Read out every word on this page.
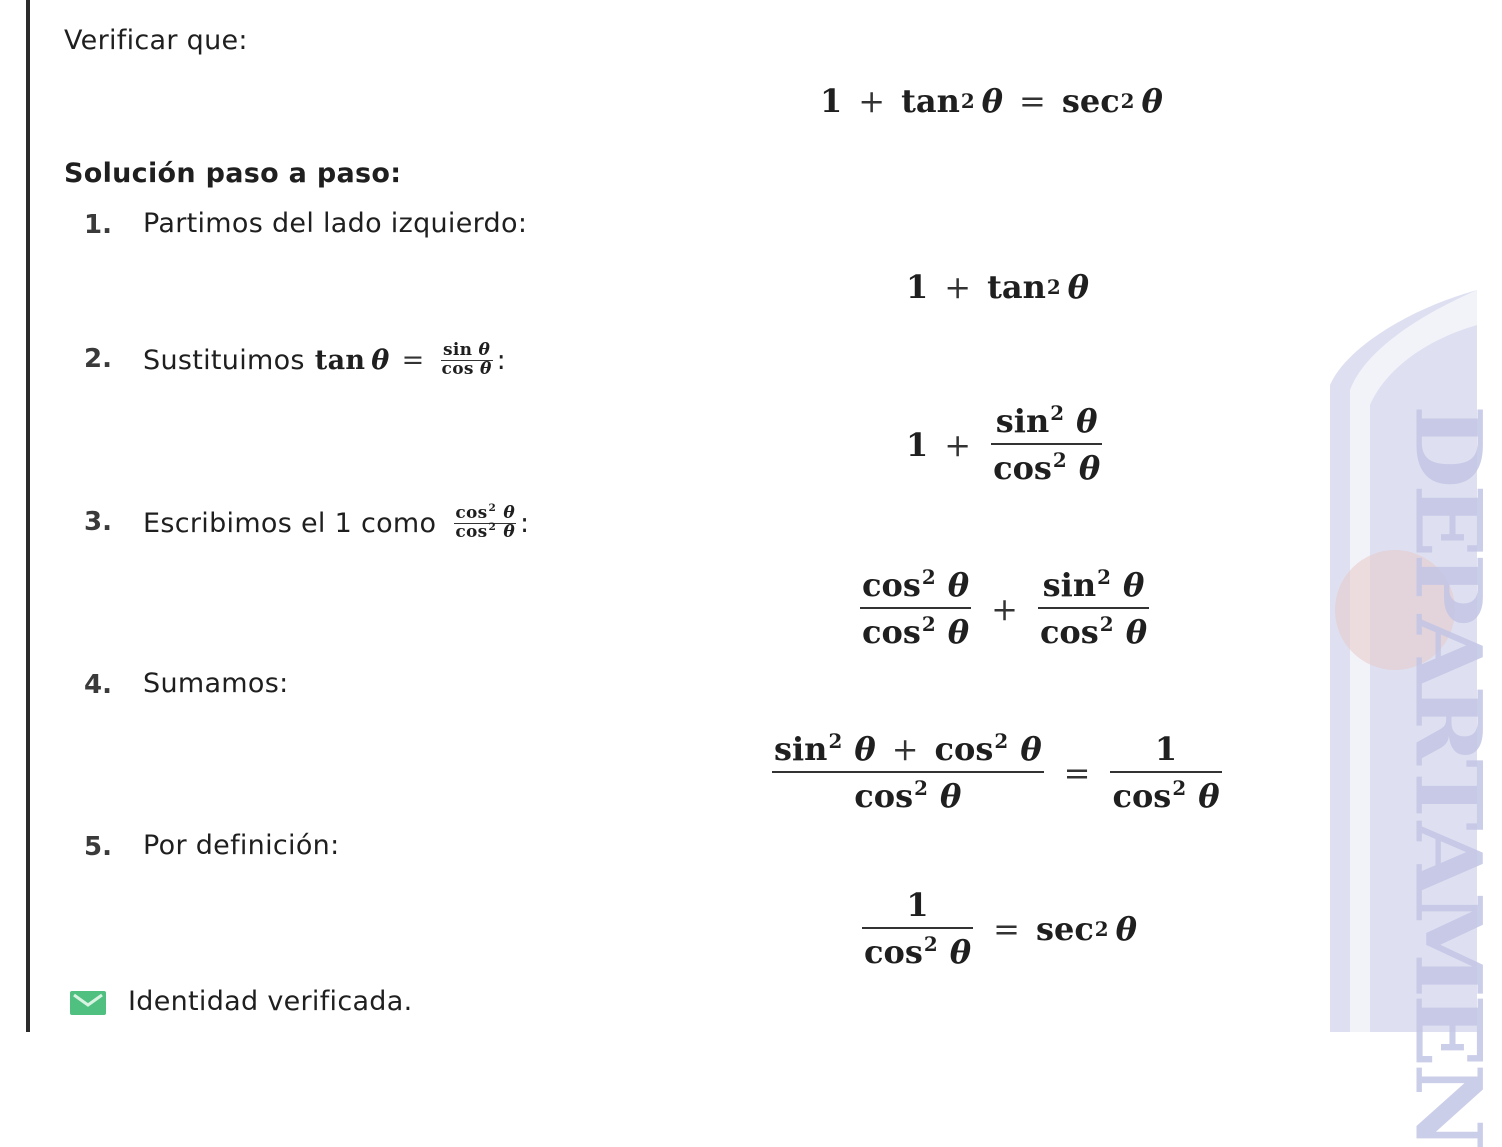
DEPARTAMEN
Verificar que:
1 + tan 2 θ = sec 2 θ
Solución paso a paso:
1. Partimos del lado izquierdo:
1 + tan 2 θ
2. Sustituimos $\tan \theta = \frac{\text{sin θ}}{\text{cos θ}}$ :
$1 + \frac{\sin^2 \theta}{\cos^2 \theta}$
3. Escribimos el 1 como $\frac{\cos^2 \theta}{\cos^2 \theta}$ :
$\frac{\cos^2 \theta}{\cos^2 \theta} + \frac{\sin^2 \theta}{\cos^2 \theta}$
4. Sumamos:
$\frac{\sin^2 \theta + \cos^2 \theta}{\cos^2 \theta} = \frac{1}{\cos^2 \theta}$
5. Por definición:
$\frac{1}{\cos^2 \theta} = \sec 2$ θ
Identidad verificada.
